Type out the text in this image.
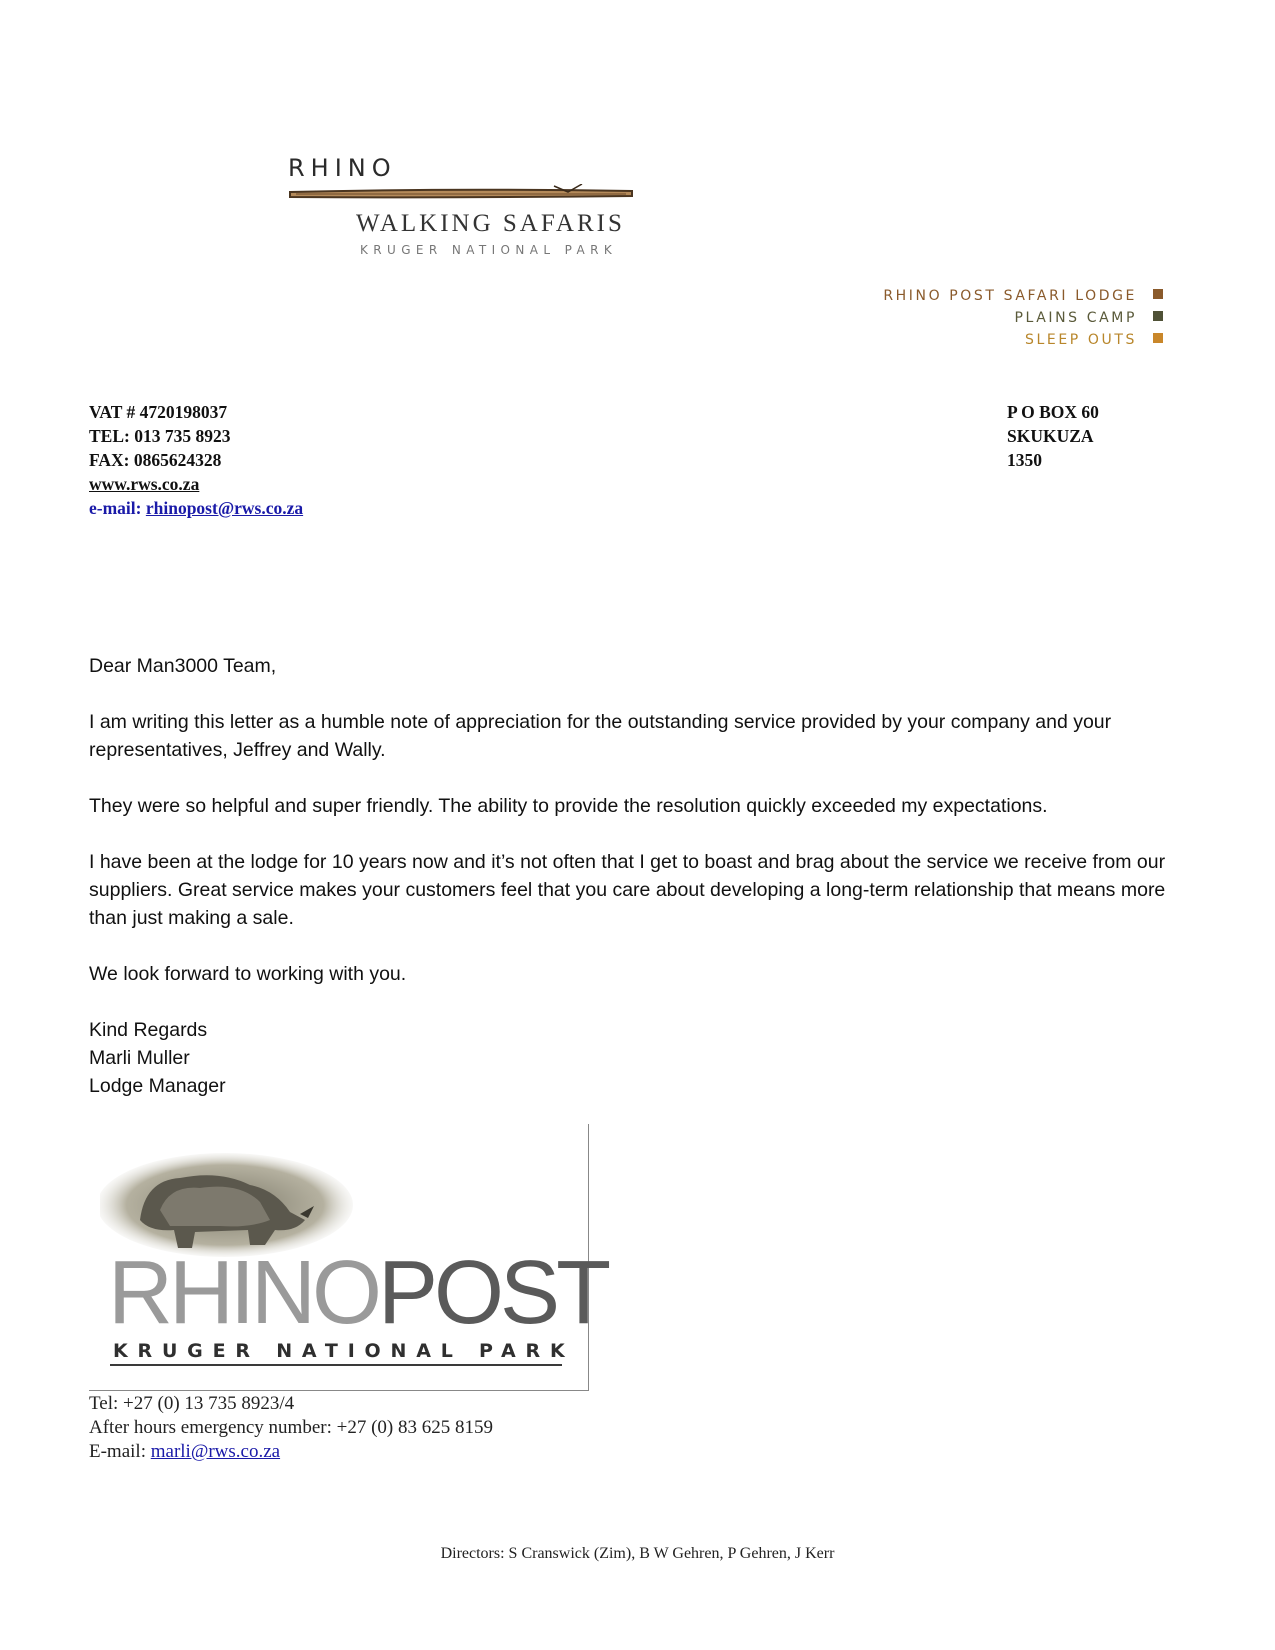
RHINO
WALKING SAFARIS
KRUGER NATIONAL PARK
RHINO POST SAFARI LODGE
PLAINS CAMP
SLEEP OUTS
VAT # 4720198037
TEL: 013 735 8923
FAX: 0865624328
www.rws.co.za
e-mail: rhinopost@rws.co.za
P O BOX 60
SKUKUZA
1350

Dear Man3000 Team,

I am writing this letter as a humble note of appreciation for the outstanding service provided by your company and your representatives, Jeffrey and Wally.

They were so helpful and super friendly. The ability to provide the resolution quickly exceeded my expectations.

I have been at the lodge for 10 years now and it’s not often that I get to boast and brag about the service we receive from our suppliers. Great service makes your customers feel that you care about developing a long-term relationship that means more than just making a sale.

We look forward to working with you.

Kind Regards
Marli Muller
Lodge Manager
RHINOPOST
KRUGER NATIONAL PARK
Tel: +27 (0) 13 735 8923/4
After hours emergency number: +27 (0) 83 625 8159
E-mail: marli@rws.co.za
Directors: S Cranswick (Zim), B W Gehren, P Gehren, J Kerr
